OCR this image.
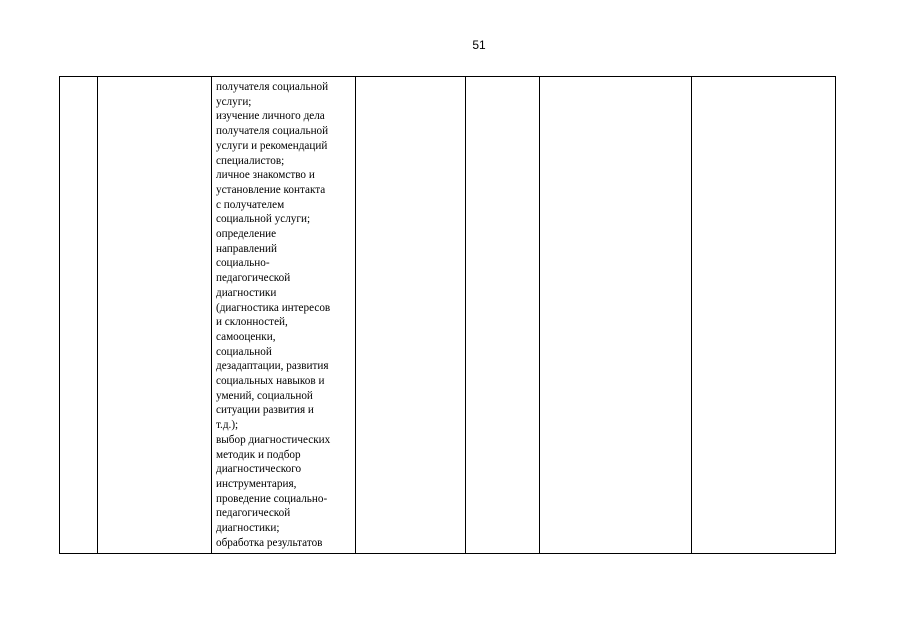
51

получателя социальной
услуги;
изучение личного дела
получателя социальной
услуги и рекомендаций
специалистов;
личное знакомство и
установление контакта
с получателем
социальной услуги;
определение
направлений
социально-
педагогической
диагностики
(диагностика интересов
и склонностей,
самооценки,
социальной
дезадаптации, развития
социальных навыков и
умений, социальной
ситуации развития и
т.д.);
выбор диагностических
методик и подбор
диагностического
инструментария,
проведение социально-
педагогической
диагностики;
обработка результатов
